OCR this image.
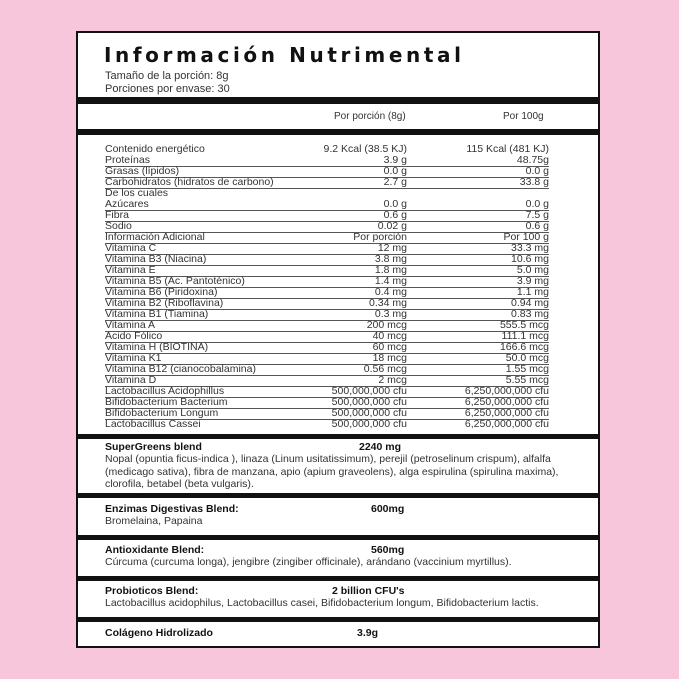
Información Nutrimental
Tamaño de la porción: 8g
Porciones por envase: 30
Por porción (8g)	Por 100g
Contenido energético	9.2 Kcal (38.5 KJ)	115 Kcal (481 KJ)
Proteínas	3.9 g	48.75g
Grasas (lípidos)	0.0 g	0.0 g
Carbohidratos (hidratos de carbono)	2.7 g	33.8 g
De los cuales
Azúcares	0.0 g	0.0 g
Fibra	0.6 g	7.5 g
Sodio	0.02 g	0.6 g
Información Adicional	Por porción	Por 100 g
Vitamina C	12 mg	33.3 mg
Vitamina B3 (Niacina)	3.8 mg	10.6 mg
Vitamina E	1.8 mg	5.0 mg
Vitamina B5 (Ac. Pantoténico)	1.4 mg	3.9 mg
Vitamina B6 (Piridoxina)	0.4 mg	1.1 mg
Vitamina B2 (Riboflavina)	0.34 mg	0.94 mg
Vitamina B1 (Tiamina)	0.3 mg	0.83 mg
Vitamina A	200 mcg	555.5 mcg
Acido Fólico	40 mcg	111.1 mcg
Vitamina H (BIOTINA)	60 mcg	166.6 mcg
Vitamina K1	18 mcg	50.0 mcg
Vitamina B12 (cianocobalamina)	0.56 mcg	1.55 mcg
Vitamina D	2 mcg	5.55 mcg
Lactobacillus Acidophillus	500,000,000 cfu	6,250,000,000 cfu
Bifidobacterium Bacterium	500,000,000 cfu	6,250,000,000 cfu
Bifidobacterium Longum	500,000,000 cfu	6,250,000,000 cfu
Lactobacillus Cassei	500,000,000 cfu	6,250,000,000 cfu
SuperGreens blend	2240 mg
Nopal (opuntia ficus-indica ), linaza (Linum usitatissimum), perejil (petroselinum crispum), alfalfa (medicago sativa), fibra de manzana, apio (apium graveolens), alga espirulina (spirulina maxima), clorofila, betabel (beta vulgaris).
Enzimas Digestivas Blend:	600mg
Bromelaina, Papaina
Antioxidante Blend:	560mg
Cúrcuma (curcuma longa), jengibre (zingiber officinale), arándano (vaccinium myrtillus).
Probioticos Blend:	2 billion CFU's
Lactobacillus acidophilus, Lactobacillus casei, Bifidobacterium longum, Bifidobacterium lactis.
Colágeno Hidrolizado	3.9g
